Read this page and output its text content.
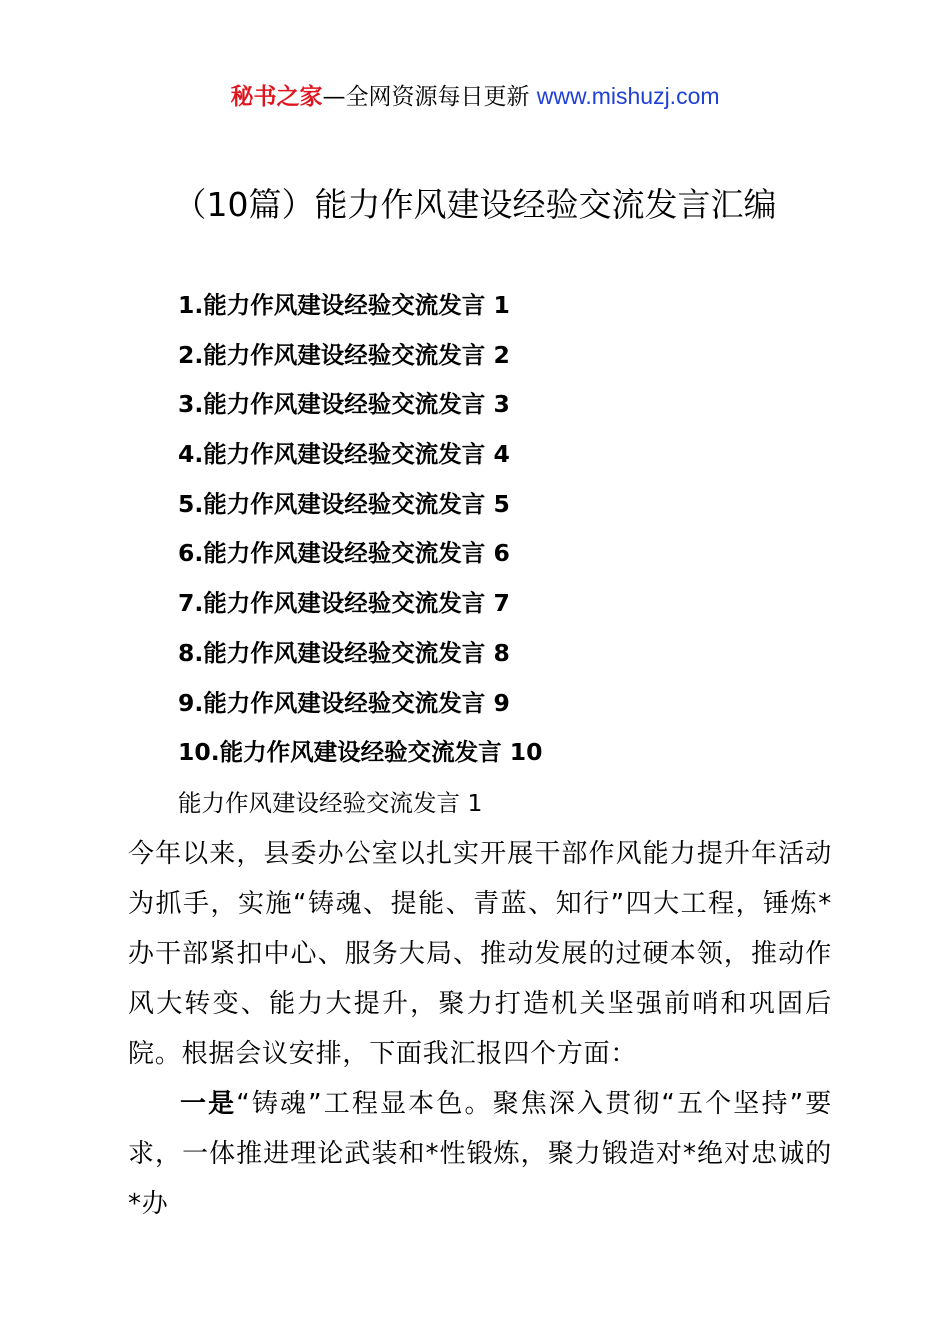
秘书之家—全网资源每日更新 www.mishuzj.com
（10篇）能力作风建设经验交流发言汇编
1.能力作风建设经验交流发言 1
2.能力作风建设经验交流发言 2
3.能力作风建设经验交流发言 3
4.能力作风建设经验交流发言 4
5.能力作风建设经验交流发言 5
6.能力作风建设经验交流发言 6
7.能力作风建设经验交流发言 7
8.能力作风建设经验交流发言 8
9.能力作风建设经验交流发言 9
10.能力作风建设经验交流发言 10
能力作风建设经验交流发言 1

今年以来，县委办公室以扎实开展干部作风能力提升年活动为抓手，实施“铸魂、提能、青蓝、知行”四大工程，锤炼*办干部紧扣中心、服务大局、推动发展的过硬本领，推动作风大转变、能力大提升，聚力打造机关坚强前哨和巩固后院。根据会议安排，下面我汇报四个方面：

一是“铸魂”工程显本色。聚焦深入贯彻“五个坚持”要求，一体推进理论武装和*性锻炼，聚力锻造对*绝对忠诚的*办
